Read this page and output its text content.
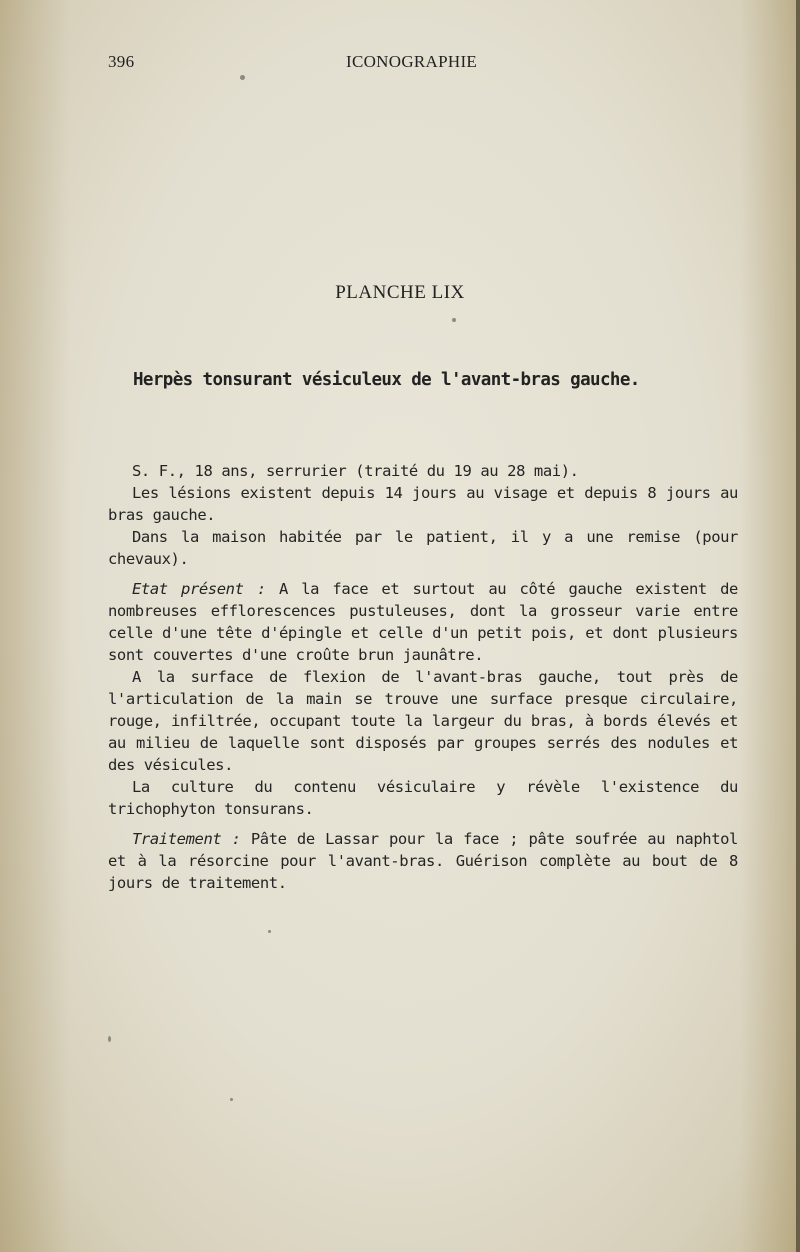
396	ICONOGRAPHIE
PLANCHE LIX
Herpès tonsurant vésiculeux de l'avant-bras gauche.

S. F., 18 ans, serrurier (traité du 19 au 28 mai).

Les lésions existent depuis 14 jours au visage et depuis 8 jours au bras gauche.

Dans la maison habitée par le patient, il y a une remise (pour chevaux).

Etat présent : A la face et surtout au côté gauche existent de nombreuses efflorescences pustuleuses, dont la grosseur varie entre celle d'une tête d'épingle et celle d'un petit pois, et dont plusieurs sont couvertes d'une croûte brun jaunâtre.

A la surface de flexion de l'avant-bras gauche, tout près de l'articulation de la main se trouve une surface presque circulaire, rouge, infiltrée, occupant toute la largeur du bras, à bords élevés et au milieu de laquelle sont disposés par groupes serrés des nodules et des vésicules.

La culture du contenu vésiculaire y révèle l'existence du trichophyton tonsurans.

Traitement : Pâte de Lassar pour la face ; pâte soufrée au naphtol et à la résorcine pour l'avant-bras. Guérison complète au bout de 8 jours de traitement.
